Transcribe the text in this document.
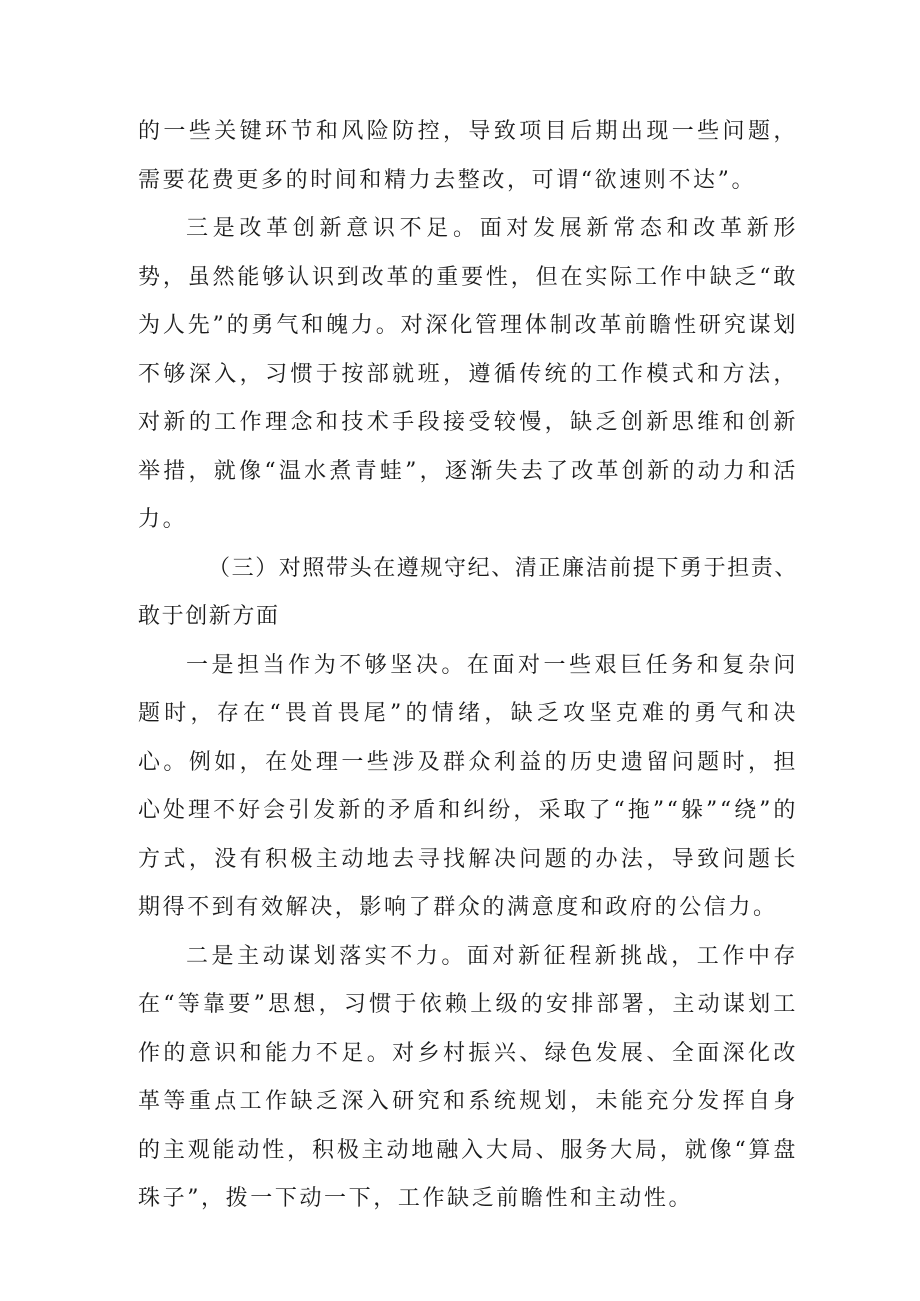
的一些关键环节和风险防控，导致项目后期出现一些问题，需要花费更多的时间和精力去整改，可谓“欲速则不达”。

三是改革创新意识不足。面对发展新常态和改革新形势，虽然能够认识到改革的重要性，但在实际工作中缺乏“敢为人先”的勇气和魄力。对深化管理体制改革前瞻性研究谋划不够深入，习惯于按部就班，遵循传统的工作模式和方法，对新的工作理念和技术手段接受较慢，缺乏创新思维和创新举措，就像“温水煮青蛙”，逐渐失去了改革创新的动力和活力。

（三）对照带头在遵规守纪、清正廉洁前提下勇于担责、敢于创新方面

一是担当作为不够坚决。在面对一些艰巨任务和复杂问题时，存在“畏首畏尾”的情绪，缺乏攻坚克难的勇气和决心。例如，在处理一些涉及群众利益的历史遗留问题时，担心处理不好会引发新的矛盾和纠纷，采取了“拖”“躲”“绕”的方式，没有积极主动地去寻找解决问题的办法，导致问题长期得不到有效解决，影响了群众的满意度和政府的公信力。

二是主动谋划落实不力。面对新征程新挑战，工作中存在“等靠要”思想，习惯于依赖上级的安排部署，主动谋划工作的意识和能力不足。对乡村振兴、绿色发展、全面深化改革等重点工作缺乏深入研究和系统规划，未能充分发挥自身的主观能动性，积极主动地融入大局、服务大局，就像“算盘珠子”，拨一下动一下，工作缺乏前瞻性和主动性。
